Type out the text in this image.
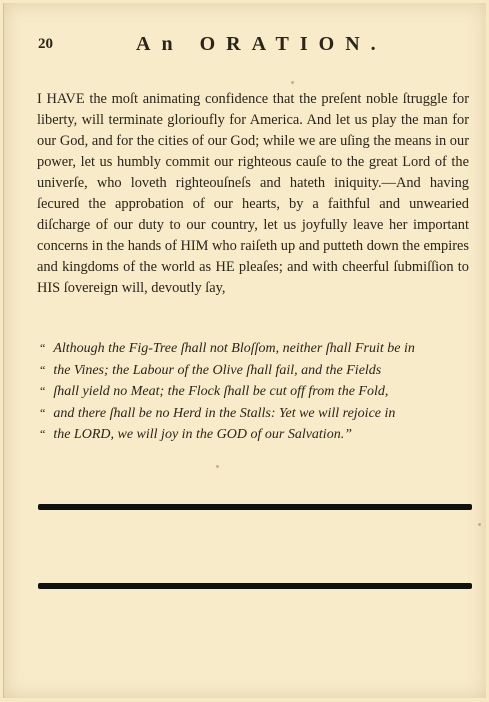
20	An ORATION.

I HAVE the moſt animating confidence that the preſent noble ſtruggle for liberty, will terminate glorioufly for America. And let us play the man for our God, and for the cities of our God; while we are uſing the means in our power, let us humbly commit our righteous cauſe to the great Lord of the univerſe, who loveth righteouſneſs and hateth iniquity.—And having ſecured the approbation of our hearts, by a faithful and unwearied diſcharge of our duty to our country, let us joyfully leave her important concerns in the hands of HIM who raiſeth up and putteth down the empires and kingdoms of the world as HE pleaſes; and with cheerful ſubmiſſion to HIS ſovereign will, devoutly ſay,

“ Although the Fig-Tree ſhall not Bloſſom, neither ſhall Fruit be in
“ the Vines; the Labour of the Olive ſhall fail, and the Fields
“ ſhall yield no Meat; the Flock ſhall be cut off from the Fold,
“ and there ſhall be no Herd in the Stalls: Yet we will rejoice in
“ the LORD, we will joy in the GOD of our Salvation.”
